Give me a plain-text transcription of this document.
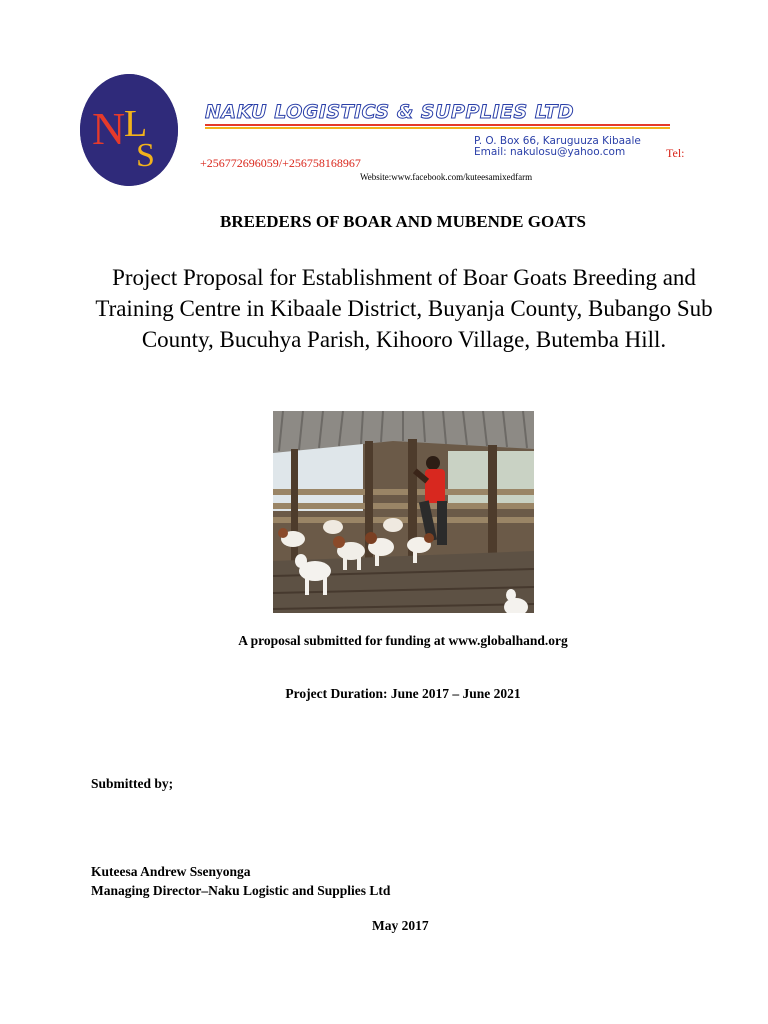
N
L
S
NAKU LOGISTICS & SUPPLIES LTD
P. O. Box 66, Karuguuza Kibaale
Email: nakulosu@yahoo.com	Tel:
+256772696059/+256758168967
Website:www.facebook.com/kuteesamixedfarm
BREEDERS OF BOAR AND MUBENDE GOATS
Project Proposal for Establishment of Boar Goats Breeding and Training Centre in Kibaale District, Buyanja County, Bubango Sub County, Bucuhya Parish, Kihooro Village, Butemba Hill.
A proposal submitted for funding at www.globalhand.org
Project Duration: June 2017 – June 2021
Submitted by;
Kuteesa Andrew Ssenyonga
Managing Director–Naku Logistic and Supplies Ltd
May 2017
